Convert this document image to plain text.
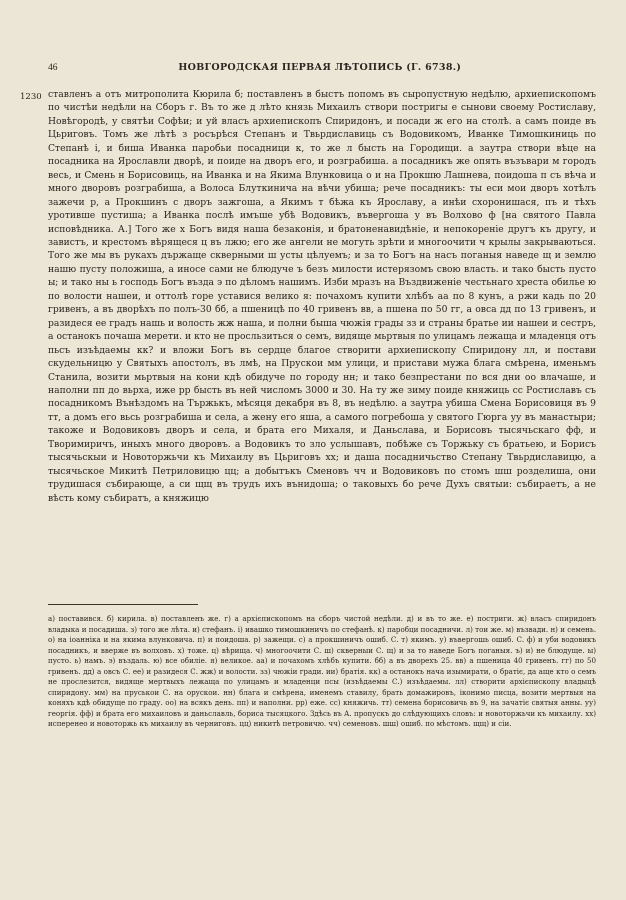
46	НОВГОРОДСКАЯ ПЕРВАЯ ЛѢТОПИСЬ (Г. 6738.)
1230 ставленъ а отъ митрополита Кюрила б; поставленъ в быстъ попомъ въ сыропустную недѣлю, архиепископомъ по чистѣи недѣли на Сборъ г. Въ то же д лѣто князь Михаилъ створи постригы е сынови своему Ростиславу, Новѣгородѣ, у святѣи Софѣи; и уй власъ архиепископъ Спиридонъ, и посади ж его на столѣ. а самъ поиде въ Цьриговъ. Томъ же лѣтѣ з росърѣся Степанъ и Твьрдиславиць съ Водовикомъ, Иванке Тимошкиниць по Степанѣ і, и биша Иванка паробьи посадници к, то же л бысть на Городищи. а заутра створи вѣце на посадника на Ярославли дворѣ, и поиде на дворъ его, и розграбиша. а посадникъ же опять възъвари м городъ весь, и Смень н Борисовиць, на Иванка и на Якима Влунковица о и на Прокшю Лашнева, поидоша п съ вѣча и много дворовъ розграбиша, а Волоса Блуткинича на вѣчи убиша; рече посадникъ: ты еси мои дворъ хотѣлъ зажечи р, а Прокшинъ с дворъ зажгоша, а Якимъ т бѣжа къ Ярославу, а инѣи схоронишася, пъ и тѣхъ уротивше пустиша; а Иванка послѣ имъше убѣ Водовикъ, въвергоша у въ Волхово ф [на святого Павла исповѣдника. А.] Того же х Богъ видя наша безаконія, и братоненавидѣніе, и непокореніе другъ къ другу, и завистъ, и крестомъ вѣрящеся ц въ лжю; его же ангели не могуть зрѣти и многоочити ч крылы закрываються. Того же мы въ рукахъ държаще скверными ш усты цѣлуемъ; и за то Богъ на насъ поганыя наведе щ и землю нашю пусту положиша, а иносе сами не блюдуче ъ безъ милости истерязомъ свою власть. и тако бысть пусто ы; и тако ны ь господь Богъ възда э по дѣломъ нашимъ. Изби мразъ на Въздвиженіе честьнаго хреста обилье ю по волости нашеи, и оттолѣ горе уставися велико я: почахомъ купити хлѣбъ аа по 8 кунъ, а ржи кадь по 20 гривенъ, а въ дворѣхъ по полъ-30 бб, а пшеницѣ по 40 гривенъ вв, а пшена по 50 гг, а овса дд по 13 гривенъ, и разидеся ее градъ нашь и волость жж наша, и полни быша чюжія грады зз и страны братье ии нашеи и сестръ, а останокъ почаша мерети. и кто не просльзиться о семъ, видяще мьртвыя по улицамъ лежаща и младенця отъ пьсъ изъѣдаемы кк? и вложи Богъ въ сердце благое створити архиепископу Спиридону лл, и постави скудельницю у Святыхъ апостолъ, въ лмѣ, на Прускои мм улици, и пристави мужа блага смѣрена, именьмъ Станила, возити мьртвыя на кони кдѣ обидуче по городу нн; и тако безпрестани по вся дни оо влачаше, и наполни пп до вьрха, иже рр бысть въ ней числомъ 3000 и 30. На ту же зиму поиде княжиць сс Ростиславъ съ посадникомъ Вънѣздомъ на Тържькъ, мѣсяця декабря въ 8, въ недѣлю. а заутра убиша Смена Борисовиця въ 9 тт, а домъ его вьсь розграбиша и села, а жену его яша, а самого погребоша у святого Гюрга уу въ манастыри; такоже и Водовиковъ дворъ и села, и брата его Михаля, и Даньслава, и Борисовъ тысячьскаго фф, и Творимиричъ, иныхъ много дворовъ. а Водовикъ то зло услышавъ, побѣже съ Торжьку съ братьею, и Борисъ тысячьскыи и Новоторжьчи къ Михаилу въ Цьриговъ хх; и даша посадничьство Степану Твьрдиславицю, а тысячьское Микитѣ Петриловицю цц; а добытъкъ Сменовъ чч и Водовиковъ по стомъ шш розделиша, они трудишася събирающе, а си щщ въ трудъ ихъ вънидоша; о таковыхъ бо рече Духъ святыи: събираетъ, а не вѣсть кому събиратъ, а княжицю

а) поставився. б) кирила. в) поставленъ же. г) а архієпископомъ на сборъ чистой недѣли. д) и въ то же. е) постриги. ж) власъ спиридонъ владыка и посадиша. з) того же лѣта. и) стефанъ. і) ивашко тимошкиничъ по стефанѣ. к) паробци посадничи. л) тои же. м) възвади. н) и семень. о) на іоанніка и на якима влунковича. п) и поидоша. р) зажещи. с) а прокшиничъ ошиб. С. т) якимъ. у) въвергошь ошиб. С. ф) и уби водовикъ посадникъ, и вверже въ волховъ. х) тоже. ц) вѣрища. ч) многоочити С. ш) скверныи С. щ) и за то наведе Богъ поганыя. ъ) и) не блюдуще. ы) пусто. ь) намъ. э) въздаль. ю) все обиліе. я) великое. аа) и почахомъ хлѣбъ купити. бб) а въ дворехъ 25. вв) а пшеница 40 гривенъ. гг) по 50 гривенъ. дд) а овсъ С. ее) и разидеся С. жж) и волости. зз) чюжіи гради. ии) братія. кк) а останокъ нача изымирати, о братіє, да аще кто о семъ не прослезится, видяще мертвыхъ лежаща по улицамъ и младенци псы (изъѣдаемы С.) изъѣдаемы. лл) створити архієпископу владыцѣ спиридону. мм) на пруськои С. на орускои. нн) блага и смѣрена, именемъ ставилу, брать домажировъ, іконимо писца, возити мертвыя на коняхъ кдѣ обидуще по граду. оо) на всякъ день. пп) и наполни. рр) еже. сс) княжичь. тт) семена борисовичь въ 9, на зачатіє святыя анны. уу) георгія. фф) и брата его михаиловъ и даньславль, бориса тысяцкого. Здѣсь въ А. пропускъ до слѣдующихъ словъ: и новоторжьчи къ михаилу. хх) исперенео и новоторжь къ михаилу въ черниговъ. цц) никитѣ петровичю. чч) семеновъ. шш) ошиб. по мѣстомъ. щщ) и сіи.
